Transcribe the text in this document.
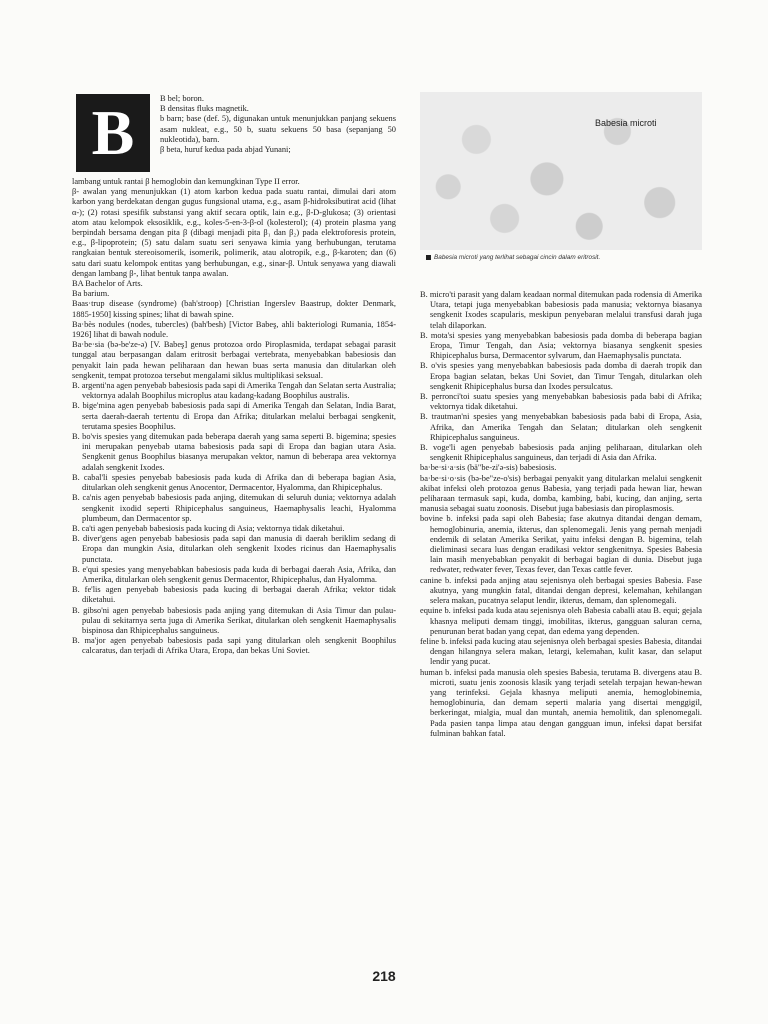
B	B bel; boron.

B densitas fluks magnetik.

b barn; base (def. 5), digunakan untuk menunjukkan panjang sekuens asam nukleat, e.g., 50 b, suatu sekuens 50 basa (sepanjang 50 nukleotida), barn.

β beta, huruf kedua pada abjad Yunani;

lambang untuk rantai β hemoglobin dan kemungkinan Type II error.

β- awalan yang menunjukkan (1) atom karbon kedua pada suatu rantai, dimulai dari atom karbon yang berdekatan dengan gugus fungsional utama, e.g., asam β-hidroksibutirat acid (lihat α-); (2) rotasi spesifik substansi yang aktif secara optik, lain e.g., β-D-glukosa; (3) orientasi atom atau kelompok eksosiklik, e.g., koles-5-en-3-β-ol (kolesterol); (4) protein plasma yang berpindah bersama dengan pita β (dibagi menjadi pita β₁ dan β₂) pada elektroforesis protein, e.g., β-lipoprotein; (5) satu dalam suatu seri senyawa kimia yang berhubungan, terutama rangkaian bentuk stereoisomerik, isomerik, polimerik, atau alotropik, e.g., β-karoten; dan (6) satu dari suatu kelompok entitas yang berhubungan, e.g., sinar-β. Untuk senyawa yang diawali dengan lambang β-, lihat bentuk tanpa awalan.

BA Bachelor of Arts.

Ba barium.

Baas·trup disease (syndrome) (bah'stroop) [Christian Ingerslev Baastrup, dokter Denmark, 1885-1950] kissing spines; lihat di bawah spine.

Ba·bès nodules (nodes, tubercles) (bah'besh) [Victor Babeş, ahli bakteriologi Rumania, 1854-1926] lihat di bawah nodule.

Ba·be·sia (bə-be'ze-ə) [V. Babeş] genus protozoa ordo Piroplasmida, terdapat sebagai parasit tunggal atau berpasangan dalam eritrosit berbagai vertebrata, menyebabkan babesiosis dan penyakit lain pada hewan peliharaan dan hewan buas serta manusia dan ditularkan oleh sengkenit, tempat protozoa tersebut mengalami siklus multiplikasi seksual.

B. argenti'na agen penyebab babesiosis pada sapi di Amerika Tengah dan Selatan serta Australia; vektornya adalah Boophilus microplus atau kadang-kadang Boophilus australis.

B. bige'mina agen penyebab babesiosis pada sapi di Amerika Tengah dan Selatan, India Barat, serta daerah-daerah tertentu di Eropa dan Afrika; ditularkan melalui berbagai sengkenit, terutama spesies Boophilus.

B. bo'vis spesies yang ditemukan pada beberapa daerah yang sama seperti B. bigemina; spesies ini merupakan penyebab utama babesiosis pada sapi di Eropa dan bagian utara Asia. Sengkenit genus Boophilus biasanya merupakan vektor, namun di beberapa area vektornya adalah sengkenit Ixodes.

B. cabal'li spesies penyebab babesiosis pada kuda di Afrika dan di beberapa bagian Asia, ditularkan oleh sengkenit genus Anocentor, Dermacentor, Hyalomma, dan Rhipicephalus.

B. ca'nis agen penyebab babesiosis pada anjing, ditemukan di seluruh dunia; vektornya adalah sengkenit ixodid seperti Rhipicephalus sanguineus, Haemaphysalis leachi, Hyalomma plumbeum, dan Dermacentor sp.

B. ca'ti agen penyebab babesiosis pada kucing di Asia; vektornya tidak diketahui.

B. diver'gens agen penyebab babesiosis pada sapi dan manusia di daerah beriklim sedang di Eropa dan mungkin Asia, ditularkan oleh sengkenit Ixodes ricinus dan Haemaphysalis punctata.

B. e'qui spesies yang menyebabkan babesiosis pada kuda di berbagai daerah Asia, Afrika, dan Amerika, ditularkan oleh sengkenit genus Dermacentor, Rhipicephalus, dan Hyalomma.

B. fe'lis agen penyebab babesiosis pada kucing di berbagai daerah Afrika; vektor tidak diketahui.

B. gibso'ni agen penyebab babesiosis pada anjing yang ditemukan di Asia Timur dan pulau-pulau di sekitarnya serta juga di Amerika Serikat, ditularkan oleh sengkenit Haemaphysalis bispinosa dan Rhipicephalus sanguineus.

B. ma'jor agen penyebab babesiosis pada sapi yang ditularkan oleh sengkenit Boophilus calcaratus, dan terjadi di Afrika Utara, Eropa, dan bekas Uni Soviet.

Babesia microti
Babesia microti yang terlihat sebagai cincin dalam eritrosit.

B. micro'ti parasit yang dalam keadaan normal ditemukan pada rodensia di Amerika Utara, tetapi juga menyebabkan babesiosis pada manusia; vektornya biasanya sengkenit Ixodes scapularis, meskipun penyebaran melalui transfusi darah juga telah dilaporkan.

B. mota'si spesies yang menyebabkan babesiosis pada domba di beberapa bagian Eropa, Timur Tengah, dan Asia; vektornya biasanya sengkenit spesies Rhipicephalus bursa, Dermacentor sylvarum, dan Haemaphysalis punctata.

B. o'vis spesies yang menyebabkan babesiosis pada domba di daerah tropik dan Eropa bagian selatan, bekas Uni Soviet, dan Timur Tengah, ditularkan oleh sengkenit Rhipicephalus bursa dan Ixodes persulcatus.

B. perronci'toi suatu spesies yang menyebabkan babesiosis pada babi di Afrika; vektornya tidak diketahui.

B. trautman'ni spesies yang menyebabkan babesiosis pada babi di Eropa, Asia, Afrika, dan Amerika Tengah dan Selatan; ditularkan oleh sengkenit Rhipicephalus sanguineus.

B. voge'li agen penyebab babesiosis pada anjing peliharaan, ditularkan oleh sengkenit Rhipicephalus sanguineus, dan terjadi di Asia dan Afrika.

ba·be·si·a·sis (bä"be-zi'ə-sis) babesiosis.

ba·be·si·o·sis (bə-be"ze-o'sis) berbagai penyakit yang ditularkan melalui sengkenit akibat infeksi oleh protozoa genus Babesia, yang terjadi pada hewan liar, hewan peliharaan termasuk sapi, kuda, domba, kambing, babi, kucing, dan anjing, serta manusia sebagai suatu zoonosis. Disebut juga babesiasis dan piroplasmosis.

bovine b. infeksi pada sapi oleh Babesia; fase akutnya ditandai dengan demam, hemoglobinuria, anemia, ikterus, dan splenomegali. Jenis yang pernah menjadi endemik di selatan Amerika Serikat, yaitu infeksi dengan B. bigemina, telah dieliminasi secara luas dengan eradikasi vektor sengkenitnya. Spesies Babesia lain masih menyebabkan penyakit di berbagai bagian di dunia. Disebut juga redwater, redwater fever, Texas fever, dan Texas cattle fever.

canine b. infeksi pada anjing atau sejenisnya oleh berbagai spesies Babesia. Fase akutnya, yang mungkin fatal, ditandai dengan depresi, kelemahan, kehilangan selera makan, pucatnya selaput lendir, ikterus, demam, dan splenomegali.

equine b. infeksi pada kuda atau sejenisnya oleh Babesia caballi atau B. equi; gejala khasnya meliputi demam tinggi, imobilitas, ikterus, gangguan saluran cerna, penurunan berat badan yang cepat, dan edema yang dependen.

feline b. infeksi pada kucing atau sejenisnya oleh berbagai spesies Babesia, ditandai dengan hilangnya selera makan, letargi, kelemahan, kulit kasar, dan selaput lendir yang pucat.

human b. infeksi pada manusia oleh spesies Babesia, terutama B. divergens atau B. microti, suatu jenis zoonosis klasik yang terjadi setelah terpajan hewan-hewan yang terinfeksi. Gejala khasnya meliputi anemia, hemoglobinemia, hemoglobinuria, dan demam seperti malaria yang disertai menggigil, berkeringat, mialgia, mual dan muntah, anemia hemolitik, dan splenomegali. Pada pasien tanpa limpa atau dengan gangguan imun, infeksi dapat bersifat fulminan bahkan fatal.

218
